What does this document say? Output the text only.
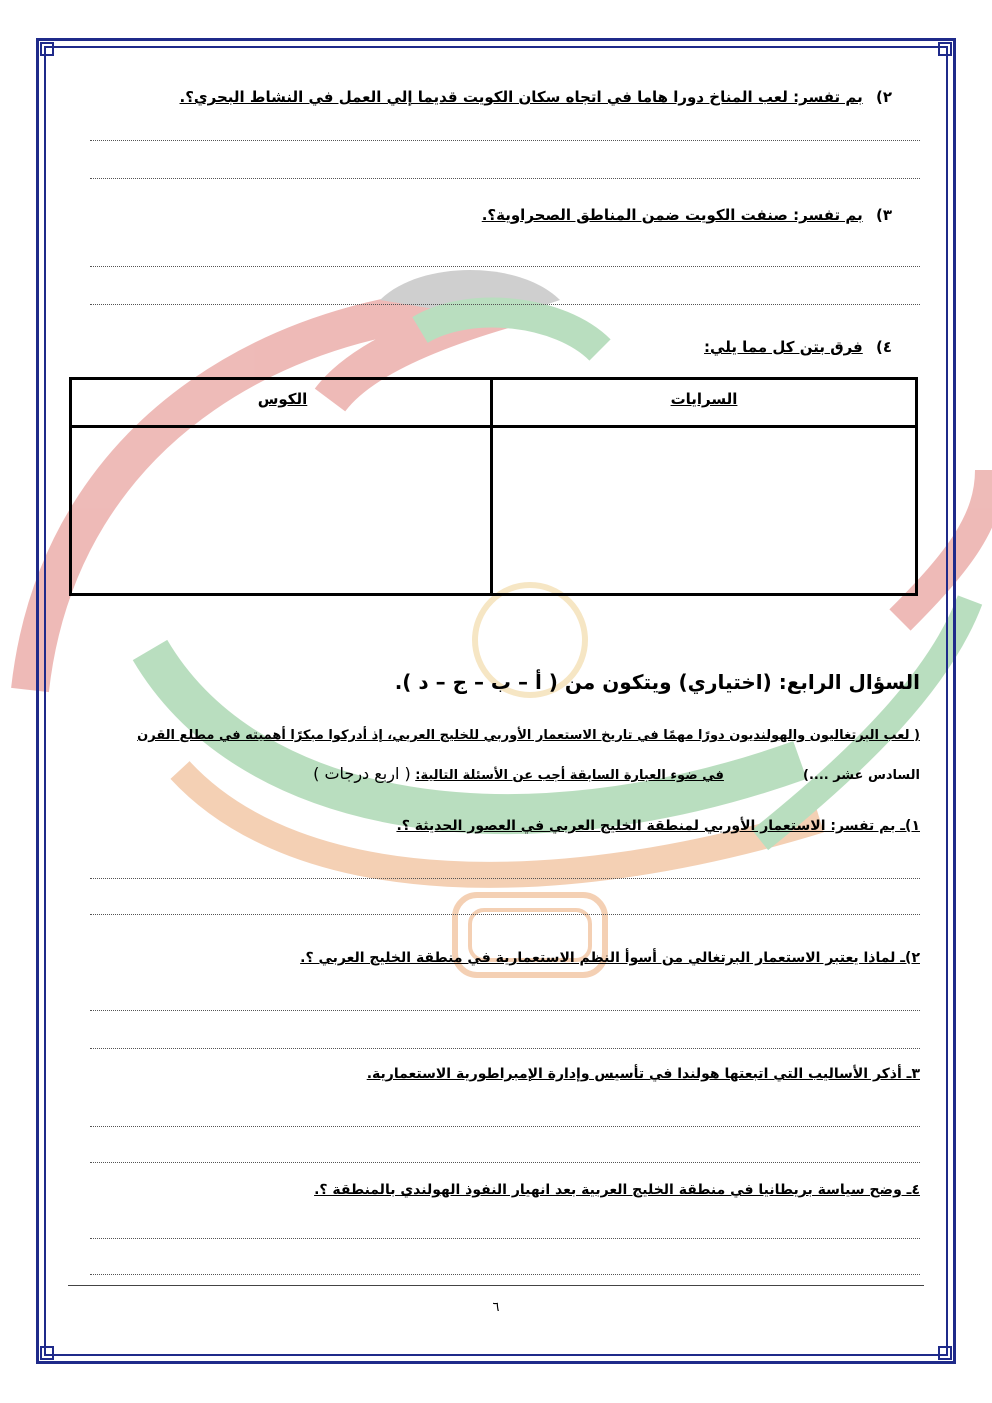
٢) بم تفسر: لعب المناخ دورا هاما في اتجاه سكان الكويت قديما إلي العمل في النشاط البحري؟.
٣) بم تفسر: صنفت الكويت ضمن المناطق الصحراوية؟.
٤) فرق بتن كل مما يلي:
السرايات
الكوس
السؤال الرابع: (اختياري) ويتكون من ( أ – ب – ج – د ).
( لعب البرتغاليون والهولنديون دورًا مهمًا في تاريخ الاستعمار الأوربي للخليج العربي، إذ أدركوا مبكرًا أهميته في مطلع القرن
السادس عشر ....)  في ضوء العبارة السابقة أجب عن الأسئلة التالية: ( اربع درجات )
١)ـ بم تفسر: الاستعمار الأوربي لمنطقة الخليج العربي في العصور الحديثة ؟.
٢)ـ لماذا يعتبر الاستعمار البرتغالي من أسوأ النظم الاستعمارية في منطقة الخليج العربي ؟.
٣ـ أذكر الأساليب التي اتبعتها هولندا في تأسيس وإدارة الإمبراطورية الاستعمارية.
٤ـ وضح سياسة بريطانيا في منطقة الخليج العربية بعد انهيار النفوذ الهولندي بالمنطقة ؟.
٦
